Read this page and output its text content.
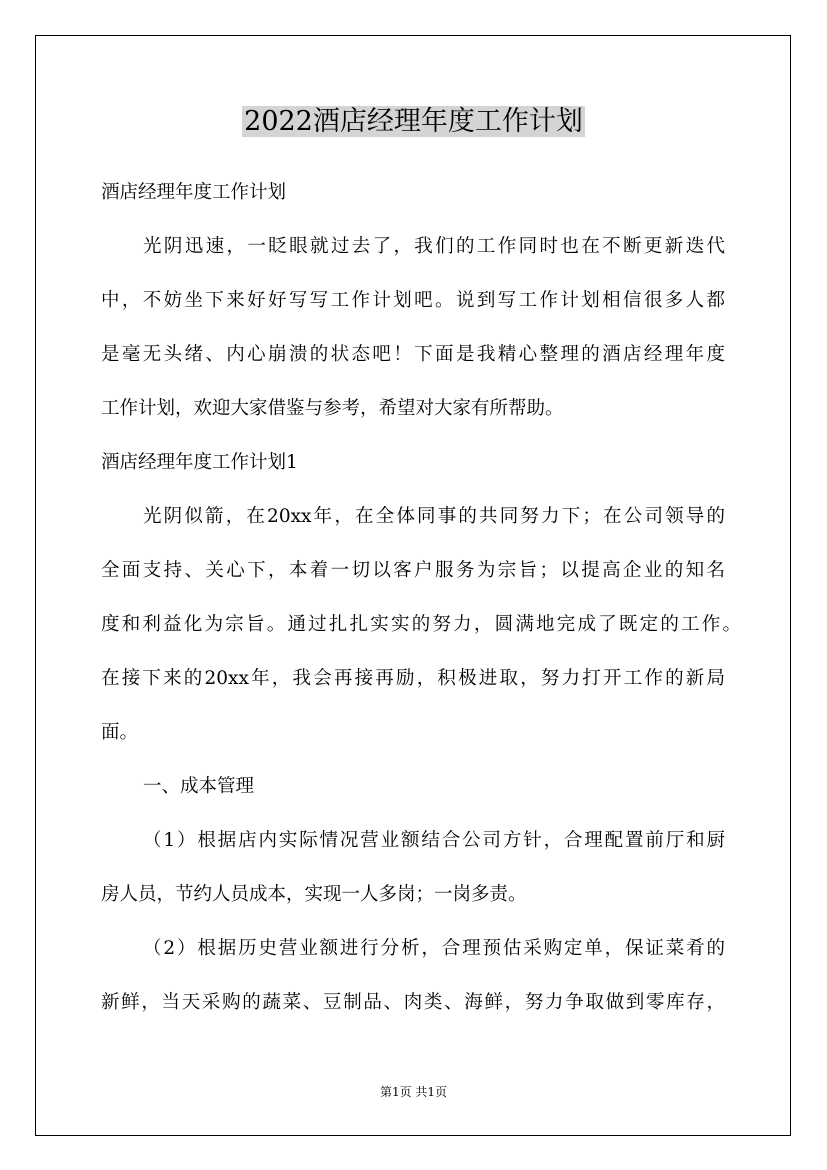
2022酒店经理年度工作计划
酒店经理年度工作计划
光阴迅速，一眨眼就过去了，我们的工作同时也在不断更新迭代
中，不妨坐下来好好写写工作计划吧。说到写工作计划相信很多人都
是毫无头绪、内心崩溃的状态吧！下面是我精心整理的酒店经理年度
工作计划，欢迎大家借鉴与参考，希望对大家有所帮助。
酒店经理年度工作计划1
光阴似箭，在20xx年，在全体同事的共同努力下；在公司领导的
全面支持、关心下，本着一切以客户服务为宗旨；以提高企业的知名
度和利益化为宗旨。通过扎扎实实的努力，圆满地完成了既定的工作。
在接下来的20xx年，我会再接再励，积极进取，努力打开工作的新局
面。
一、成本管理
（1）根据店内实际情况营业额结合公司方针，合理配置前厅和厨
房人员，节约人员成本，实现一人多岗；一岗多责。
（2）根据历史营业额进行分析，合理预估采购定单，保证菜肴的
新鲜，当天采购的蔬菜、豆制品、肉类、海鲜，努力争取做到零库存，
第1页 共1页
